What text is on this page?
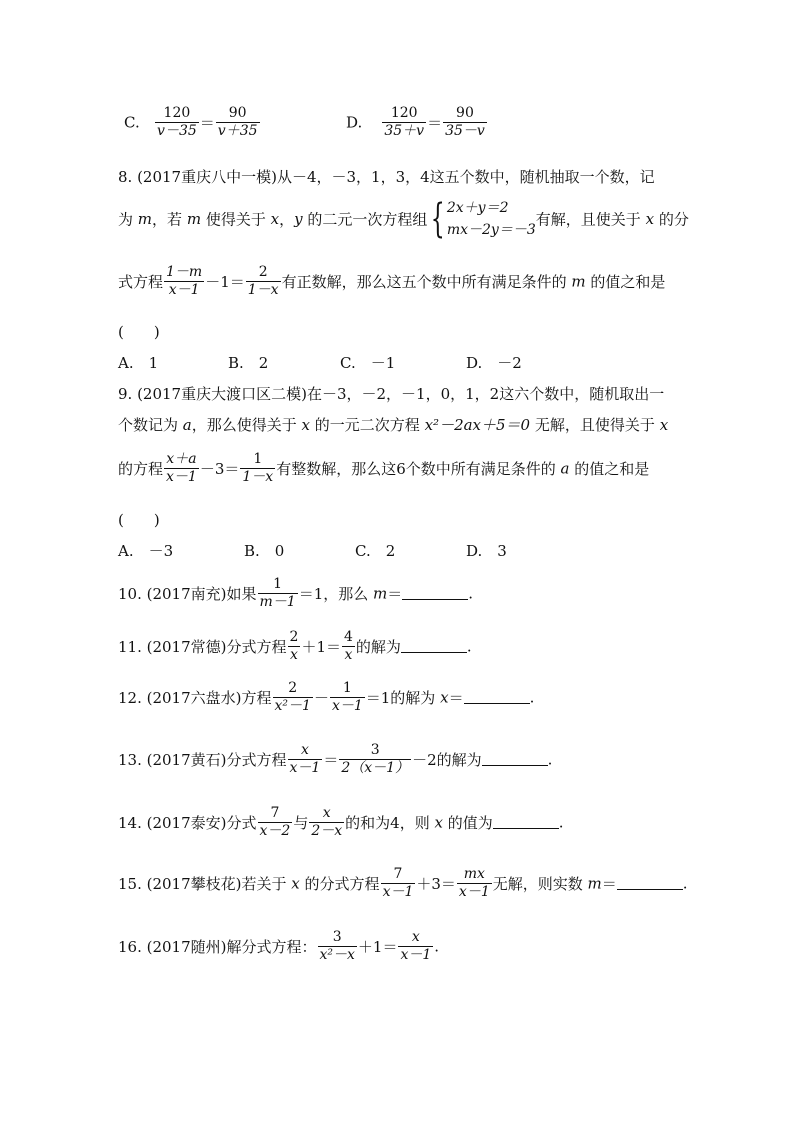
C. $\frac{120}{v-35} = \frac{90}{v+35}$	D. $\frac{120}{35+v} = \frac{90}{35-v}$
8. (2017重庆八中一模)从－4，－3，1，3，4这五个数中，随机抽取一个数，记
为 m，若 m 使得关于 x，y 的二元一次方程组{ 2x＋y＝2
mx－2y＝－3
有解，且使关于 x 的分
式方程 $\frac{1-m}{x-1} -1= \frac{2}{1-x}$ 有正数解，那么这五个数中所有满足条件的 m 的值之和是
(　　)
A.　1	B.　2	C.　－1	D.　－2
9. (2017重庆大渡口区二模)在－3，－2，－1，0，1，2这六个数中，随机取出一
个数记为 a，那么使得关于 x 的一元二次方程 x²－2ax＋5＝0 无解，且使得关于 x
的方程 $\frac{x+a}{x-1} -3= \frac{1}{1-x}$ 有整数解，那么这6个数中所有满足条件的 a 的值之和是
(　　)
A.　－3	B.　0	C.　2	D.　3
10. (2017南充)如果 $\frac{1}{m-1} =1$，那么 m＝	.
11. (2017常德)分式方程 $\frac{2}{x} +1= \frac{4}{x}$ 的解为	.
12. (2017六盘水)方程 $\frac{2}{\text{x²－1}} - \frac{1}{x-1} =1$的解为 x＝	.
13. (2017黄石)分式方程 $\frac{x}{x-1} = \frac{3}{2(x-1)} -2$的解为	.
14. (2017泰安)分式 $\frac{7}{x-2}$ 与 $\frac{x}{2-x}$ 的和为4，则 x 的值为	.
15. (2017攀枝花)若关于 x 的分式方程 $\frac{7}{x-1} +3= \frac{mx}{x-1}$ 无解，则实数 m＝	.
16. (2017随州)解分式方程： $\frac{3}{\text{x²－x}} +1= \frac{x}{x-1}$ .
